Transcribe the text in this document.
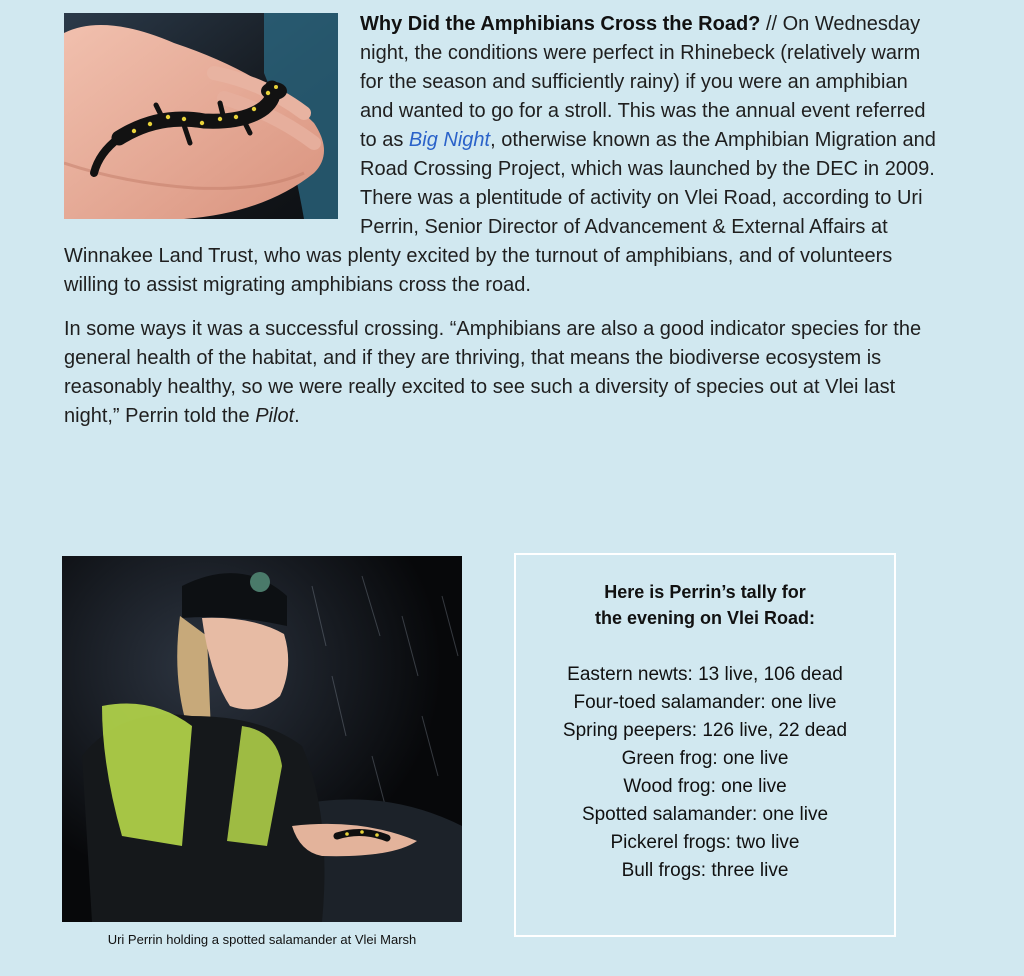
Why Did the Amphibians Cross the Road? // On Wednesday night, the conditions were perfect in Rhinebeck (relatively warm for the season and sufficiently rainy) if you were an amphibian and wanted to go for a stroll. This was the annual event referred to as Big Night, otherwise known as the Amphibian Migration and Road Crossing Project, which was launched by the DEC in 2009. There was a plentitude of activity on Vlei Road, according to Uri Perrin, Senior Director of Advancement & External Affairs at Winnakee Land Trust, who was plenty excited by the turnout of amphibians, and of volunteers willing to assist migrating amphibians cross the road.

In some ways it was a successful crossing. “Amphibians are also a good indicator species for the general health of the habitat, and if they are thriving, that means the biodiverse ecosystem is reasonably healthy, so we were really excited to see such a diversity of species out at Vlei last night,” Perrin told the Pilot.

Uri Perrin holding a spotted salamander at Vlei Marsh
Here is Perrin’s tally for
the evening on Vlei Road:
Eastern newts: 13 live, 106 dead
Four-toed salamander: one live
Spring peepers: 126 live, 22 dead
Green frog: one live
Wood frog: one live
Spotted salamander: one live
Pickerel frogs: two live
Bull frogs: three live
